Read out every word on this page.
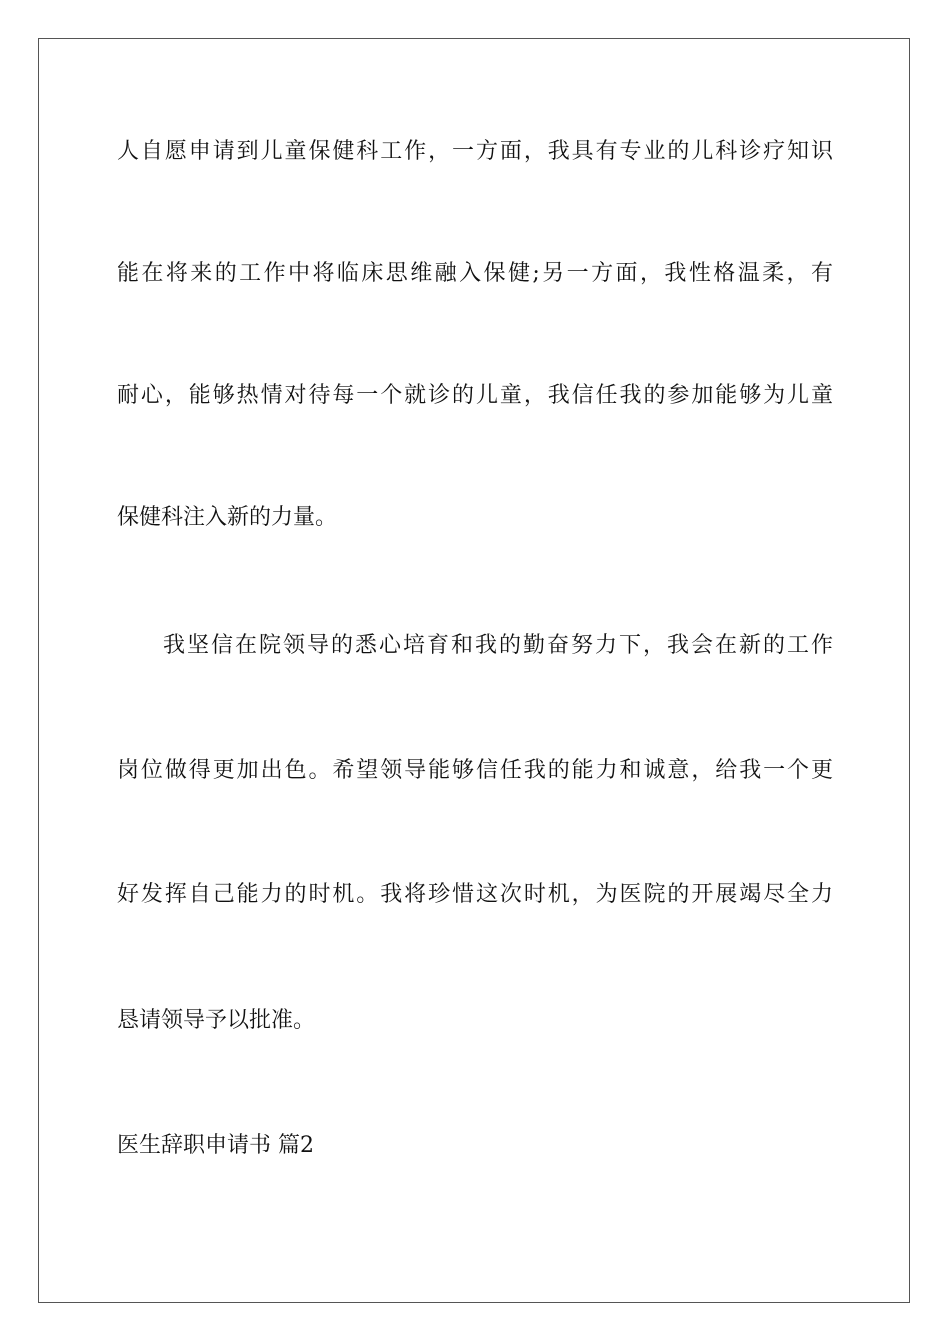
人自愿申请到儿童保健科工作，一方面，我具有专业的儿科诊疗知识
能在将来的工作中将临床思维融入保健;另一方面，我性格温柔，有
耐心，能够热情对待每一个就诊的儿童，我信任我的参加能够为儿童
保健科注入新的力量。
我坚信在院领导的悉心培育和我的勤奋努力下，我会在新的工作
岗位做得更加出色。希望领导能够信任我的能力和诚意，给我一个更
好发挥自己能力的时机。我将珍惜这次时机，为医院的开展竭尽全力
恳请领导予以批准。
医生辞职申请书 篇2
